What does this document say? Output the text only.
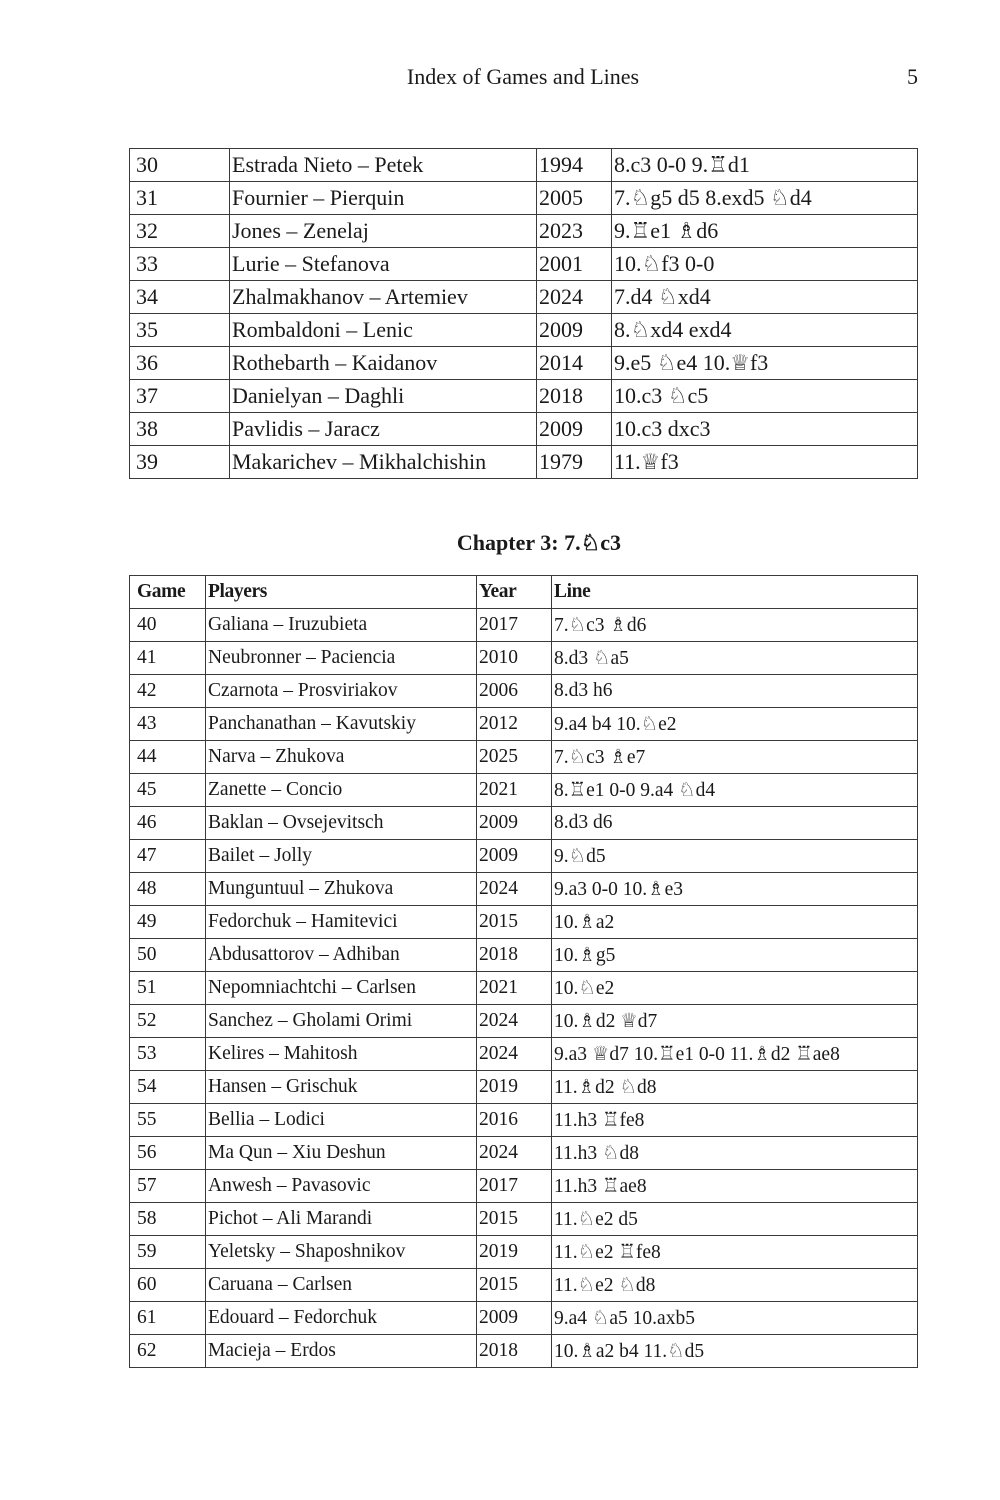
Index of Games and Lines	5
30	Estrada Nieto – Petek	1994	8.c3 0-0 9.♖d1
31	Fournier – Pierquin	2005	7.♘g5 d5 8.exd5 ♘d4
32	Jones – Zenelaj	2023	9.♖e1 ♗d6
33	Lurie – Stefanova	2001	10.♘f3 0-0
34	Zhalmakhanov – Artemiev	2024	7.d4 ♘xd4
35	Rombaldoni – Lenic	2009	8.♘xd4 exd4
36	Rothebarth – Kaidanov	2014	9.e5 ♘e4 10.♕f3
37	Danielyan – Daghli	2018	10.c3 ♘c5
38	Pavlidis – Jaracz	2009	10.c3 dxc3
39	Makarichev – Mikhalchishin	1979	11.♕f3
Chapter 3: 7.♘c3
Game	Players	Year	Line
40	Galiana – Iruzubieta	2017	7.♘c3 ♗d6
41	Neubronner – Paciencia	2010	8.d3 ♘a5
42	Czarnota – Prosviriakov	2006	8.d3 h6
43	Panchanathan – Kavutskiy	2012	9.a4 b4 10.♘e2
44	Narva – Zhukova	2025	7.♘c3 ♗e7
45	Zanette – Concio	2021	8.♖e1 0-0 9.a4 ♘d4
46	Baklan – Ovsejevitsch	2009	8.d3 d6
47	Bailet – Jolly	2009	9.♘d5
48	Munguntuul – Zhukova	2024	9.a3 0-0 10.♗e3
49	Fedorchuk – Hamitevici	2015	10.♗a2
50	Abdusattorov – Adhiban	2018	10.♗g5
51	Nepomniachtchi – Carlsen	2021	10.♘e2
52	Sanchez – Gholami Orimi	2024	10.♗d2 ♕d7
53	Kelires – Mahitosh	2024	9.a3 ♕d7 10.♖e1 0-0 11.♗d2 ♖ae8
54	Hansen – Grischuk	2019	11.♗d2 ♘d8
55	Bellia – Lodici	2016	11.h3 ♖fe8
56	Ma Qun – Xiu Deshun	2024	11.h3 ♘d8
57	Anwesh – Pavasovic	2017	11.h3 ♖ae8
58	Pichot – Ali Marandi	2015	11.♘e2 d5
59	Yeletsky – Shaposhnikov	2019	11.♘e2 ♖fe8
60	Caruana – Carlsen	2015	11.♘e2 ♘d8
61	Edouard – Fedorchuk	2009	9.a4 ♘a5 10.axb5
62	Macieja – Erdos	2018	10.♗a2 b4 11.♘d5
